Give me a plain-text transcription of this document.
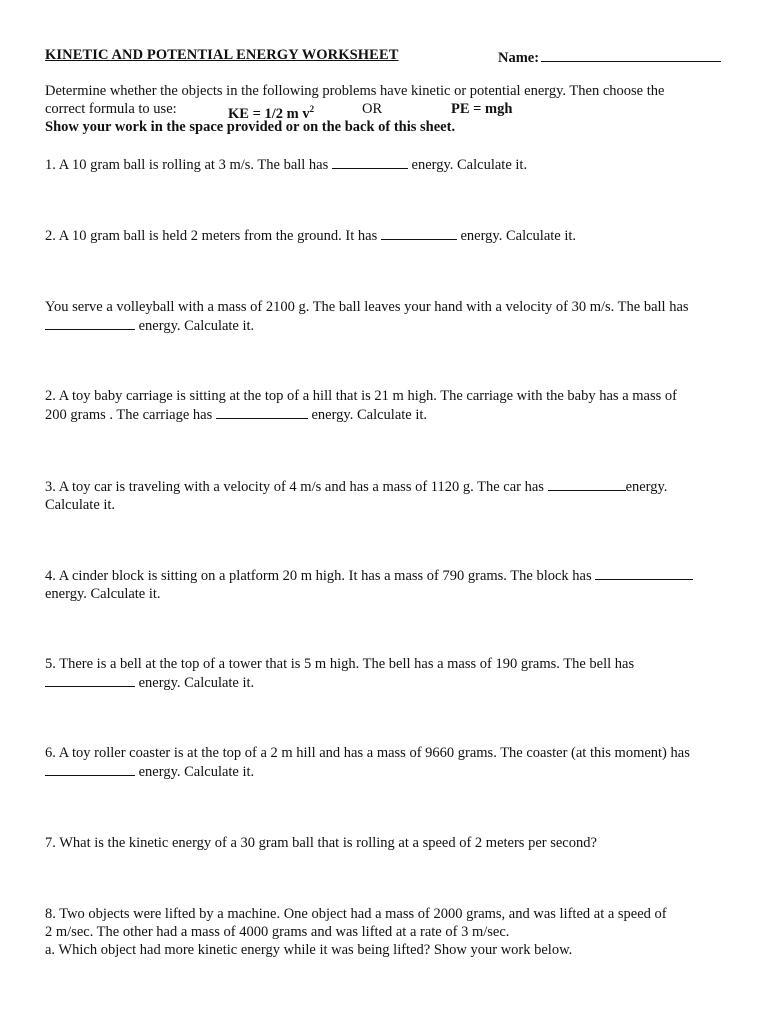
KINETIC AND POTENTIAL ENERGY WORKSHEET	Name:
Determine whether the objects in the following problems have kinetic or potential energy. Then choose the
correct formula to use:	KE = 1/2 m $v^2$	OR	PE = mgh
Show your work in the space provided or on the back of this sheet.
1. A 10 gram ball is rolling at 3 m/s. The ball has	energy. Calculate it.
2. A 10 gram ball is held 2 meters from the ground. It has	energy. Calculate it.
You serve a volleyball with a mass of 2100 g. The ball leaves your hand with a velocity of 30 m/s. The ball has
energy. Calculate it.
2. A toy baby carriage is sitting at the top of a hill that is 21 m high. The carriage with the baby has a mass of
200 grams . The carriage has	energy. Calculate it.
3. A toy car is traveling with a velocity of 4 m/s and has a mass of 1120 g. The car has	energy.
Calculate it.
4. A cinder block is sitting on a platform 20 m high. It has a mass of 790 grams. The block has
energy. Calculate it.
5. There is a bell at the top of a tower that is 5 m high. The bell has a mass of 190 grams. The bell has
energy. Calculate it.
6. A toy roller coaster is at the top of a 2 m hill and has a mass of 9660 grams. The coaster (at this moment) has
energy. Calculate it.
7. What is the kinetic energy of a 30 gram ball that is rolling at a speed of 2 meters per second?
8. Two objects were lifted by a machine. One object had a mass of 2000 grams, and was lifted at a speed of
2 m/sec. The other had a mass of 4000 grams and was lifted at a rate of 3 m/sec.
a. Which object had more kinetic energy while it was being lifted? Show your work below.
